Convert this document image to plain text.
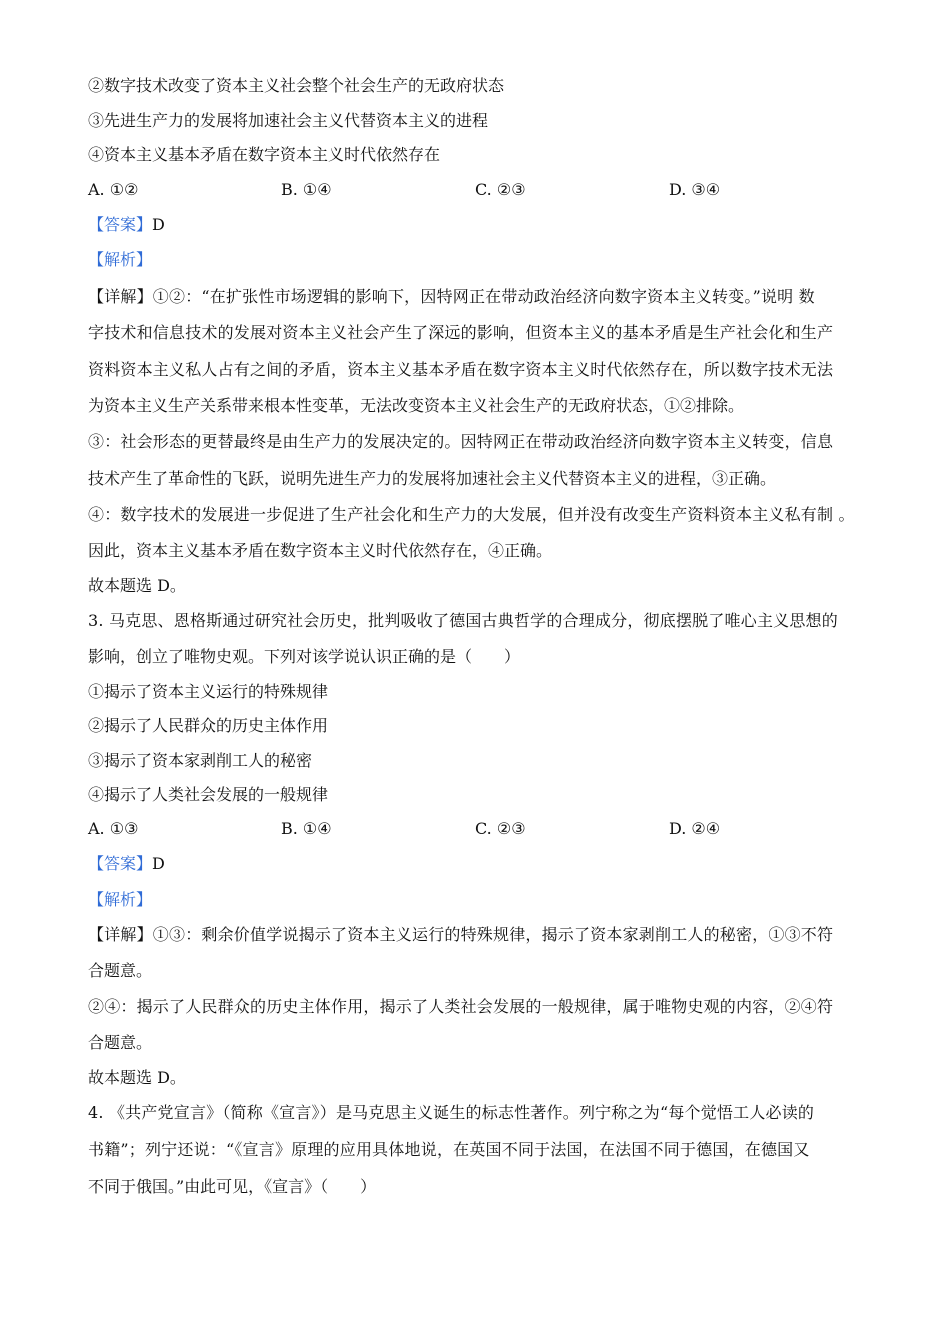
②数字技术改变了资本主义社会整个社会生产的无政府状态
③先进生产力的发展将加速社会主义代替资本主义的进程
④资本主义基本矛盾在数字资本主义时代依然存在
A. ①②	B. ①④	C. ②③	D. ③④
【答案】D
【解析】
【详解】①②：“在扩张性市场逻辑的影响下，因特网正在带动政治经济向数字资本主义转变。”说明 数
字技术和信息技术的发展对资本主义社会产生了深远的影响，但资本主义的基本矛盾是生产社会化和生产
资料资本主义私人占有之间的矛盾，资本主义基本矛盾在数字资本主义时代依然存在，所以数字技术无法
为资本主义生产关系带来根本性变革，无法改变资本主义社会生产的无政府状态，①②排除。
③：社会形态的更替最终是由生产力的发展决定的。因特网正在带动政治经济向数字资本主义转变，信息
技术产生了革命性的飞跃，说明先进生产力的发展将加速社会主义代替资本主义的进程，③正确。
④：数字技术的发展进一步促进了生产社会化和生产力的大发展，但并没有改变生产资料资本主义私有制 。
因此，资本主义基本矛盾在数字资本主义时代依然存在，④正确。
故本题选 D。
3. 马克思、恩格斯通过研究社会历史，批判吸收了德国古典哲学的合理成分，彻底摆脱了唯心主义思想的
影响，创立了唯物史观。下列对该学说认识正确的是（　　）
①揭示了资本主义运行的特殊规律
②揭示了人民群众的历史主体作用
③揭示了资本家剥削工人的秘密
④揭示了人类社会发展的一般规律
A. ①③	B. ①④	C. ②③	D. ②④
【答案】D
【解析】
【详解】①③：剩余价值学说揭示了资本主义运行的特殊规律，揭示了资本家剥削工人的秘密，①③不符
合题意。
②④：揭示了人民群众的历史主体作用，揭示了人类社会发展的一般规律，属于唯物史观的内容，②④符
合题意。
故本题选 D。
4. 《共产党宣言》（简称《宣言》）是马克思主义诞生的标志性著作。列宁称之为“每个觉悟工人必读的
书籍”；列宁还说：“《宣言》原理的应用具体地说，在英国不同于法国，在法国不同于德国，在德国又
不同于俄国。”由此可见，《宣言》（　　）
